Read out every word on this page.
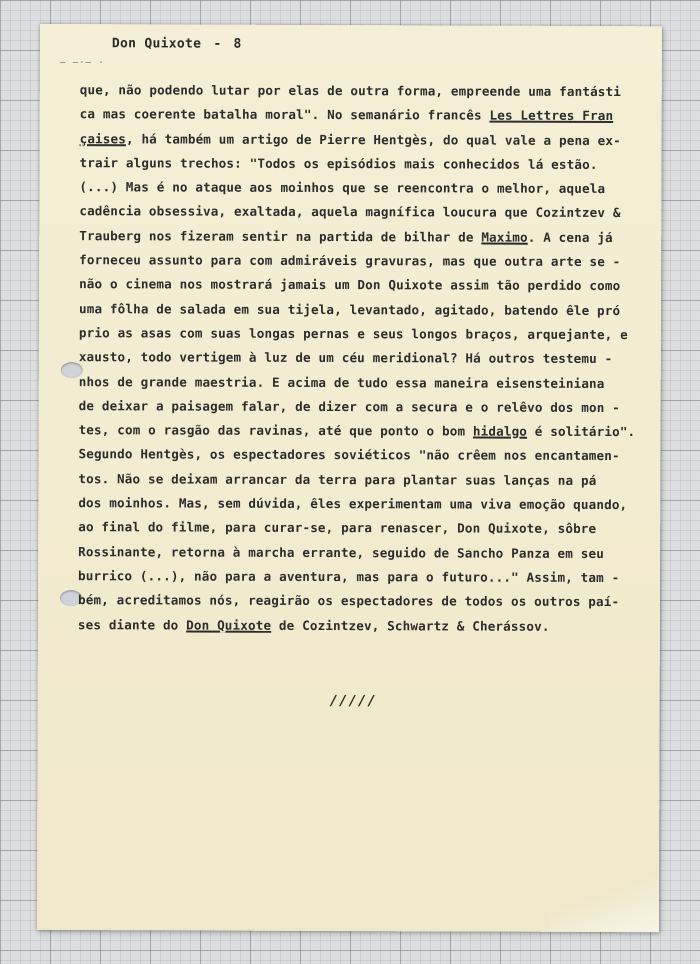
— —·— ·
Don Quixote - 8
que, não podendo lutar por elas de outra forma, empreende uma fantásti
ca mas coerente batalha moral". No semanário francês Les Lettres Fran
çaises, há também um artigo de Pierre Hentgès, do qual vale a pena ex-
trair alguns trechos: "Todos os episódios mais conhecidos lá estão.
(...) Mas é no ataque aos moinhos que se reencontra o melhor, aquela
cadência obsessiva, exaltada, aquela magnífica loucura que Cozintzev &
Trauberg nos fizeram sentir na partida de bilhar de Maximo. A cena já
forneceu assunto para com admiráveis gravuras, mas que outra arte se -
não o cinema nos mostrará jamais um Don Quixote assim tão perdido como
uma fôlha de salada em sua tijela, levantado, agitado, batendo êle pró
prio as asas com suas longas pernas e seus longos braços, arquejante, e
xausto, todo vertigem à luz de um céu meridional? Há outros testemu -
nhos de grande maestria. E acima de tudo essa maneira eisensteiniana
de deixar a paisagem falar, de dizer com a secura e o relêvo dos mon -
tes, com o rasgão das ravinas, até que ponto o bom hidalgo é solitário".
Segundo Hentgès, os espectadores soviéticos "não crêem nos encantamen-
tos. Não se deixam arrancar da terra para plantar suas lanças na pá
dos moinhos. Mas, sem dúvida, êles experimentam uma viva emoção quando,
ao final do filme, para curar-se, para renascer, Don Quixote, sôbre
Rossinante, retorna à marcha errante, seguido de Sancho Panza em seu
burrico (...), não para a aventura, mas para o futuro..." Assim, tam -
bém, acreditamos nós, reagirão os espectadores de todos os outros paí-
ses diante do Don Quixote de Cozintzev, Schwartz & Cherássov.
/////
